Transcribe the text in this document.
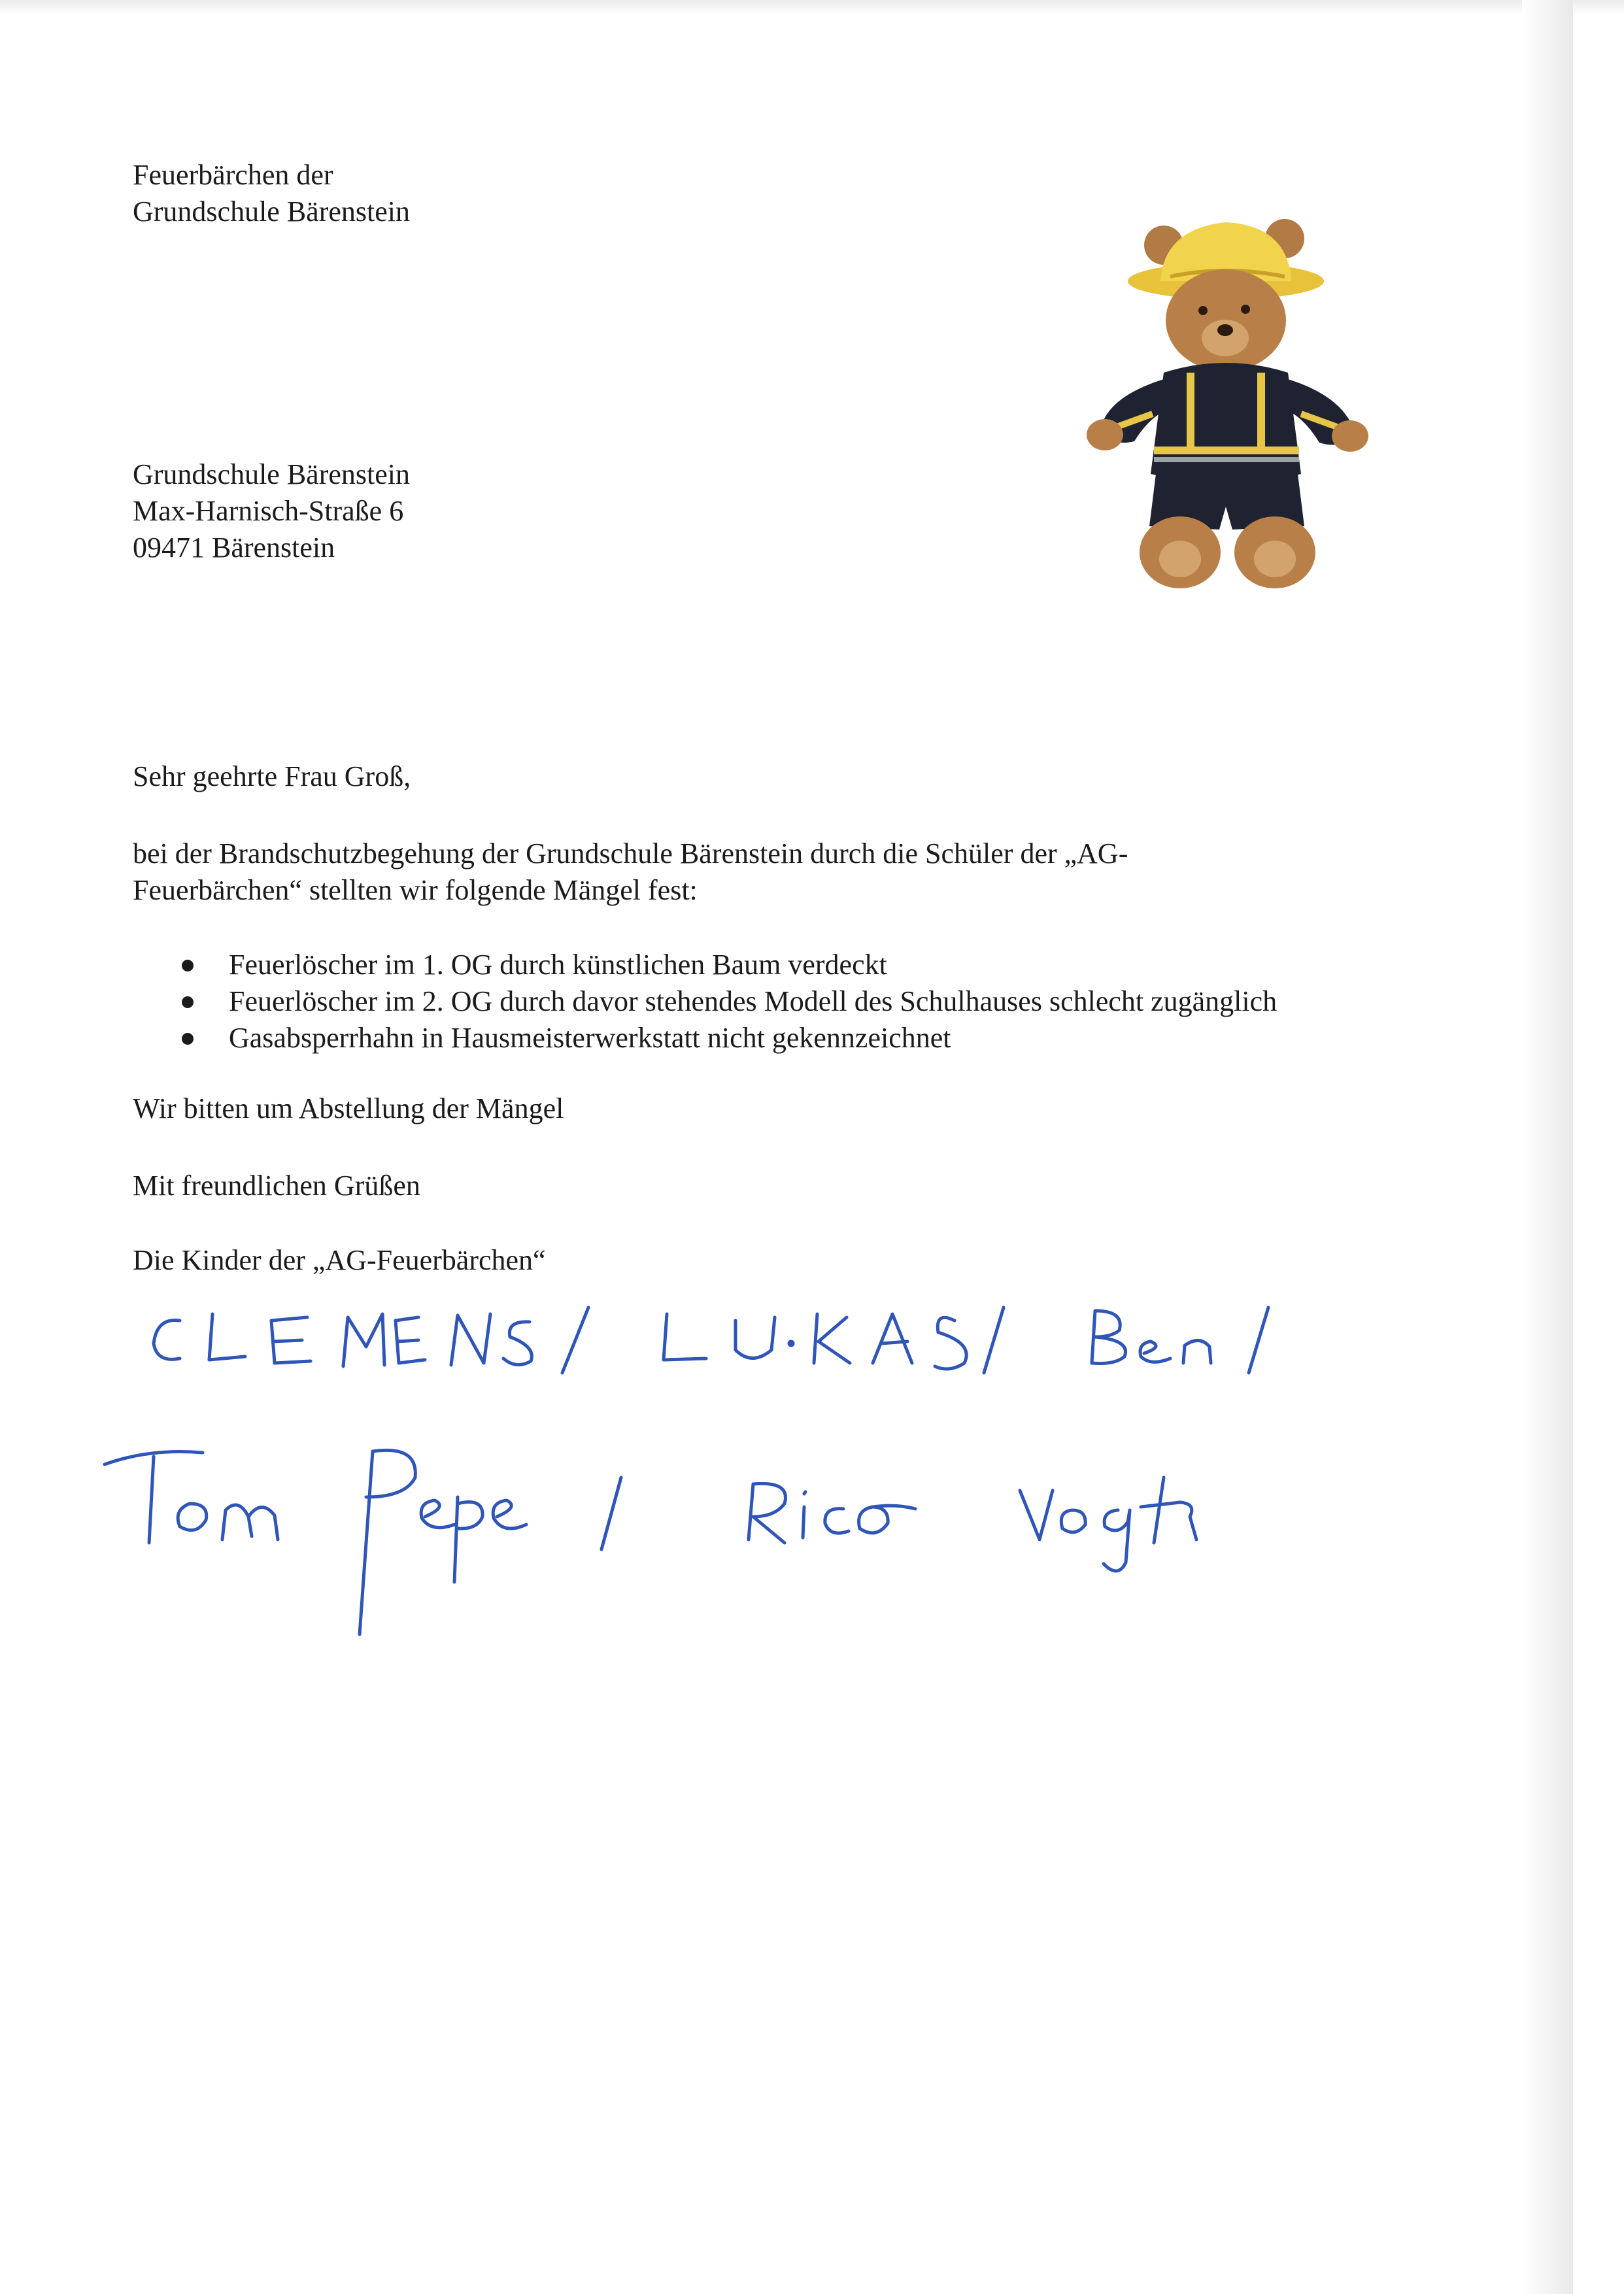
Feuerbärchen der
Grundschule Bärenstein
Grundschule Bärenstein
Max-Harnisch-Straße 6
09471 Bärenstein
Sehr geehrte Frau Groß,
bei der Brandschutzbegehung der Grundschule Bärenstein durch die Schüler der „AG-
Feuerbärchen“ stellten wir folgende Mängel fest:
Feuerlöscher im 1. OG durch künstlichen Baum verdeckt
Feuerlöscher im 2. OG durch davor stehendes Modell des Schulhauses schlecht zugänglich
Gasabsperrhahn in Hausmeisterwerkstatt nicht gekennzeichnet
Wir bitten um Abstellung der Mängel
Mit freundlichen Grüßen
Die Kinder der „AG-Feuerbärchen“
